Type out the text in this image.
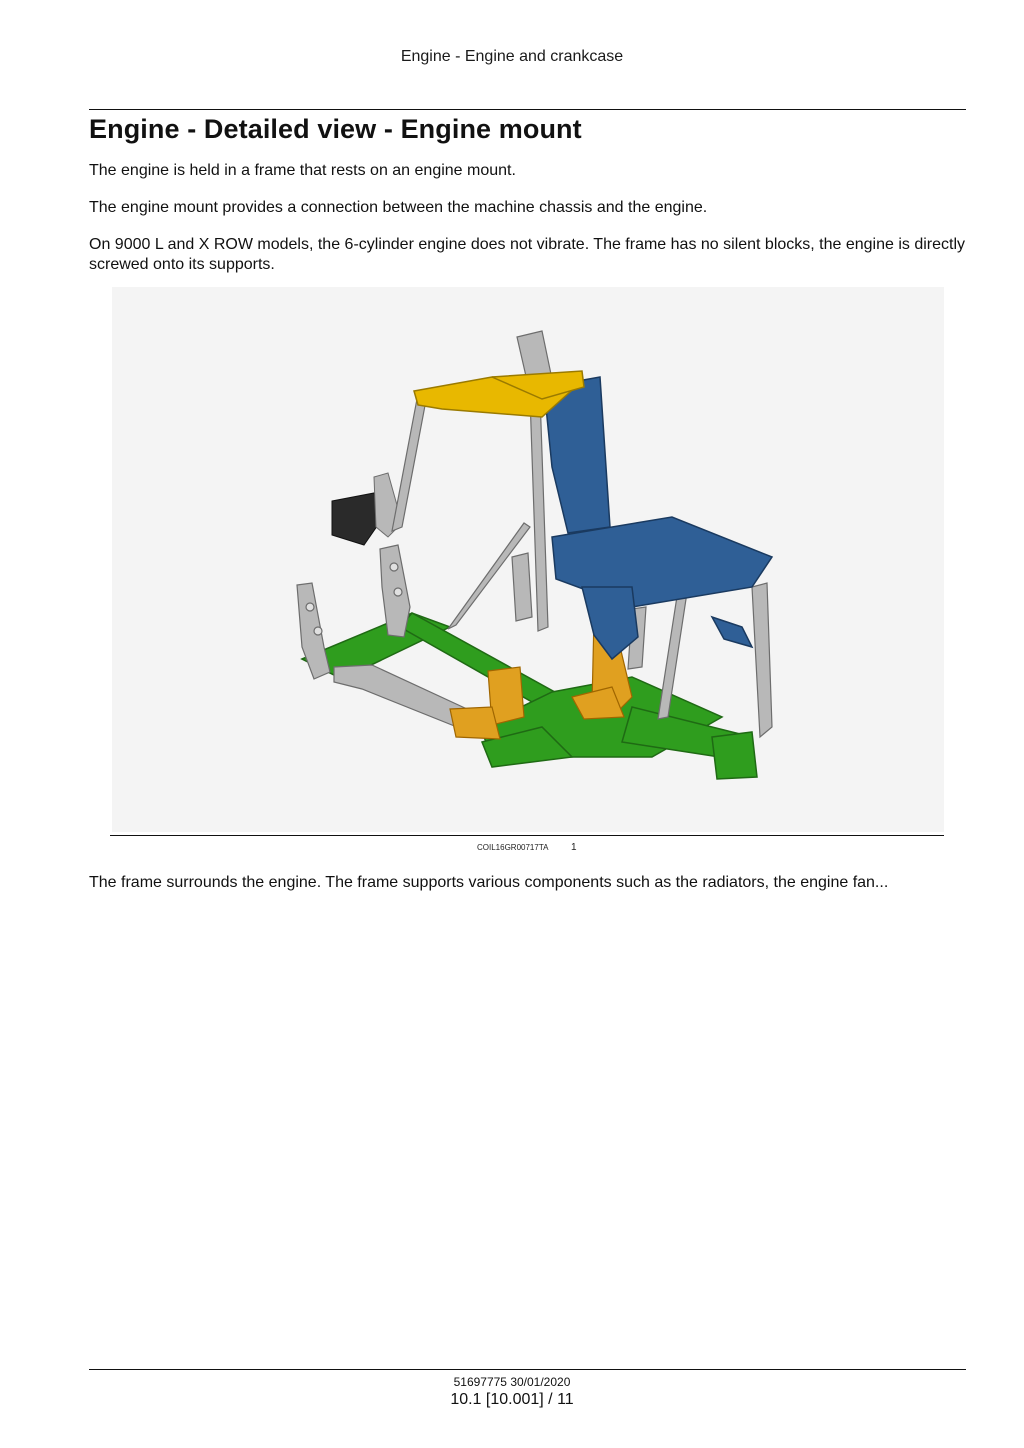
Engine - Engine and crankcase
Engine - Detailed view - Engine mount

The engine is held in a frame that rests on an engine mount.

The engine mount provides a connection between the machine chassis and the engine.

On 9000 L and X ROW models, the 6-cylinder engine does not vibrate. The frame has no silent blocks, the engine is directly screwed onto its supports.

COIL16GR00717TA 1

The frame surrounds the engine. The frame supports various components such as the radiators, the engine fan...

51697775 30/01/2020
10.1 [10.001] / 11
